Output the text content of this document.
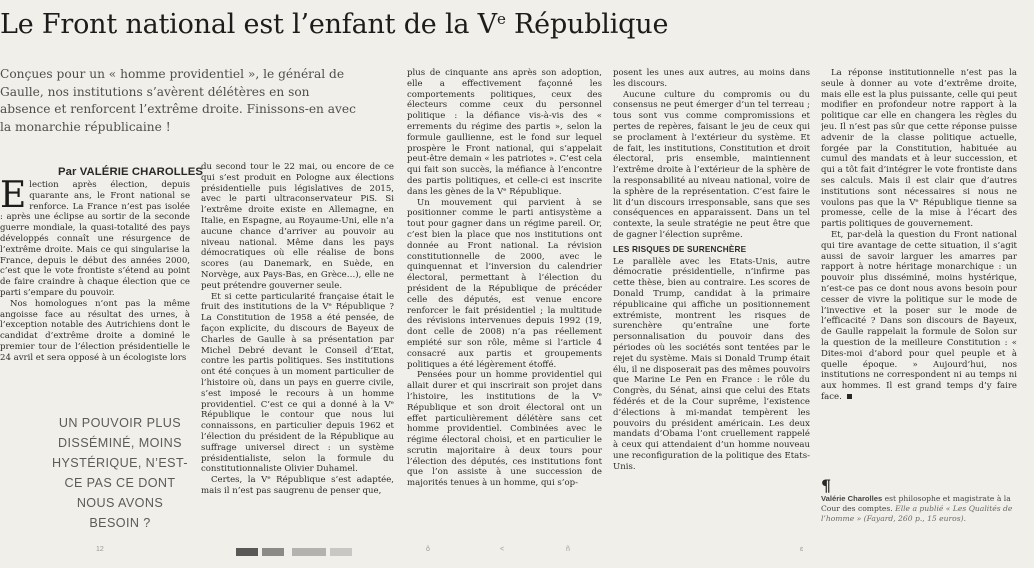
Le Front national est l’enfant de la Ve République
Conçues pour un « homme providentiel », le général de Gaulle, nos institutions s’avèrent délétères en son absence et renforcent l’extrême droite. Finissons-en avec la monarchie républicaine !
Par VALÉRIE CHAROLLES

Election après élection, depuis quarante ans, le Front national se renforce. La France n’est pas isolée : après une éclipse au sortir de la seconde guerre mondiale, la quasi-totalité des pays développés connaît une résurgence de l’extrême droite. Mais ce qui singularise la France, depuis le début des années 2000, c’est que le vote frontiste s’étend au point de faire craindre à chaque élection que ce parti s’empare du pouvoir.

Nos homologues n’ont pas la même angoisse face au résultat des urnes, à l’exception notable des Autrichiens dont le candidat d’extrême droite a dominé le premier tour de l’élection présidentielle le 24 avril et sera opposé à un écologiste lors

UN POUVOIR PLUS DISSÉMINÉ, MOINS HYSTÉRIQUE, N’EST-CE PAS CE DONT NOUS AVONS BESOIN ?

du second tour le 22 mai, ou encore de ce qui s’est produit en Pologne aux élections présidentielle puis législatives de 2015, avec le parti ultraconservateur PiS. Si l’extrême droite existe en Allemagne, en Italie, en Espagne, au Royaume-Uni, elle n’a aucune chance d’arriver au pouvoir au niveau national. Même dans les pays démocratiques où elle réalise de bons scores (au Danemark, en Suède, en Norvège, aux Pays-Bas, en Grèce…), elle ne peut prétendre gouverner seule.

Et si cette particularité française était le fruit des institutions de la Vᵉ République ? La Constitution de 1958 a été pensée, de façon explicite, du discours de Bayeux de Charles de Gaulle à sa présentation par Michel Debré devant le Conseil d’Etat, contre les partis politiques. Ses institutions ont été conçues à un moment particulier de l’histoire où, dans un pays en guerre civile, s’est imposé le recours à un homme providentiel. C’est ce qui a donné à la Vᵉ République le contour que nous lui connaissons, en particulier depuis 1962 et l’élection du président de la République au suffrage universel direct : un système présidentialiste, selon la formule du constitutionnaliste Olivier Duhamel.

Certes, la Vᵉ République s’est adaptée, mais il n’est pas saugrenu de penser que,

plus de cinquante ans après son adoption, elle a effectivement façonné les comportements politiques, ceux des électeurs comme ceux du personnel politique : la défiance vis-à-vis des « errements du régime des partis », selon la formule gaullienne, est le fond sur lequel prospère le Front national, qui s’appelait peut-être demain « les patriotes ». C’est cela qui fait son succès, la méfiance à l’encontre des partis politiques, et celle-ci est inscrite dans les gènes de la Vᵉ République.

Un mouvement qui parvient à se positionner comme le parti antisystème a tout pour gagner dans un régime pareil. Or, c’est bien la place que nos institutions ont donnée au Front national. La révision constitutionnelle de 2000, avec le quinquennat et l’inversion du calendrier électoral, permettant à l’élection du président de la République de précéder celle des députés, est venue encore renforcer le fait présidentiel ; la multitude des révisions intervenues depuis 1992 (19, dont celle de 2008) n’a pas réellement empiété sur son rôle, même si l’article 4 consacré aux partis et groupements politiques a été légèrement étoffé.

Pensées pour un homme providentiel qui allait durer et qui inscrirait son projet dans l’histoire, les institutions de la Vᵉ République et son droit électoral ont un effet particulièrement délétère sans cet homme providentiel. Combinées avec le régime électoral choisi, et en particulier le scrutin majoritaire à deux tours pour l’élection des députés, ces institutions font que l’on assiste à une succession de majorités tenues à un homme, qui s’op-

posent les unes aux autres, au moins dans les discours.

Aucune culture du compromis ou du consensus ne peut émerger d’un tel terreau ; tous sont vus comme compromissions et pertes de repères, faisant le jeu de ceux qui se proclament à l’extérieur du système. Et de fait, les institutions, Constitution et droit électoral, pris ensemble, maintiennent l’extrême droite à l’extérieur de la sphère de la responsabilité au niveau national, voire de la sphère de la représentation. C’est faire le lit d’un discours irresponsable, sans que ses conséquences en apparaissent. Dans un tel contexte, la seule stratégie ne peut être que de gagner l’élection suprême.

LES RISQUES DE SURENCHÈRE

Le parallèle avec les Etats-Unis, autre démocratie présidentielle, n’infirme pas cette thèse, bien au contraire. Les scores de Donald Trump, candidat à la primaire républicaine qui affiche un positionnement extrémiste, montrent les risques de surenchère qu’entraîne une forte personnalisation du pouvoir dans des périodes où les sociétés sont tentées par le rejet du système. Mais si Donald Trump était élu, il ne disposerait pas des mêmes pouvoirs que Marine Le Pen en France : le rôle du Congrès, du Sénat, ainsi que celui des Etats fédérés et de la Cour suprême, l’existence d’élections à mi-mandat tempèrent les pouvoirs du président américain. Les deux mandats d’Obama l’ont cruellement rappelé à ceux qui attendaient d’un homme nouveau une reconfiguration de la politique des Etats-Unis.

La réponse institutionnelle n’est pas la seule à donner au vote d’extrême droite, mais elle est la plus puissante, celle qui peut modifier en profondeur notre rapport à la politique car elle en changera les règles du jeu. Il n’est pas sûr que cette réponse puisse advenir de la classe politique actuelle, forgée par la Constitution, habituée au cumul des mandats et à leur succession, et qui a tôt fait d’intégrer le vote frontiste dans ses calculs. Mais il est clair que d’autres institutions sont nécessaires si nous ne voulons pas que la Vᵉ République tienne sa promesse, celle de la mise à l’écart des partis politiques de gouvernement.

Et, par-delà la question du Front national qui tire avantage de cette situation, il s’agit aussi de savoir larguer les amarres par rapport à notre héritage monarchique : un pouvoir plus disséminé, moins hystérique, n’est-ce pas ce dont nous avons besoin pour cesser de vivre la politique sur le mode de l’invective et la poser sur le mode de l’efficacité ? Dans son discours de Bayeux, de Gaulle rappelait la formule de Solon sur la question de la meilleure Constitution : « Dites-moi d’abord pour quel peuple et à quelle époque. » Aujourd’hui, nos institutions ne correspondent ni au temps ni aux hommes. Il est grand temps d’y faire face.

¶
Valérie Charolles est philosophe et magistrate à la Cour des comptes. Elle a publié « Les Qualités de l’homme » (Fayard, 260 p., 15 euros).
12	ô	<	ñ	ɛ
